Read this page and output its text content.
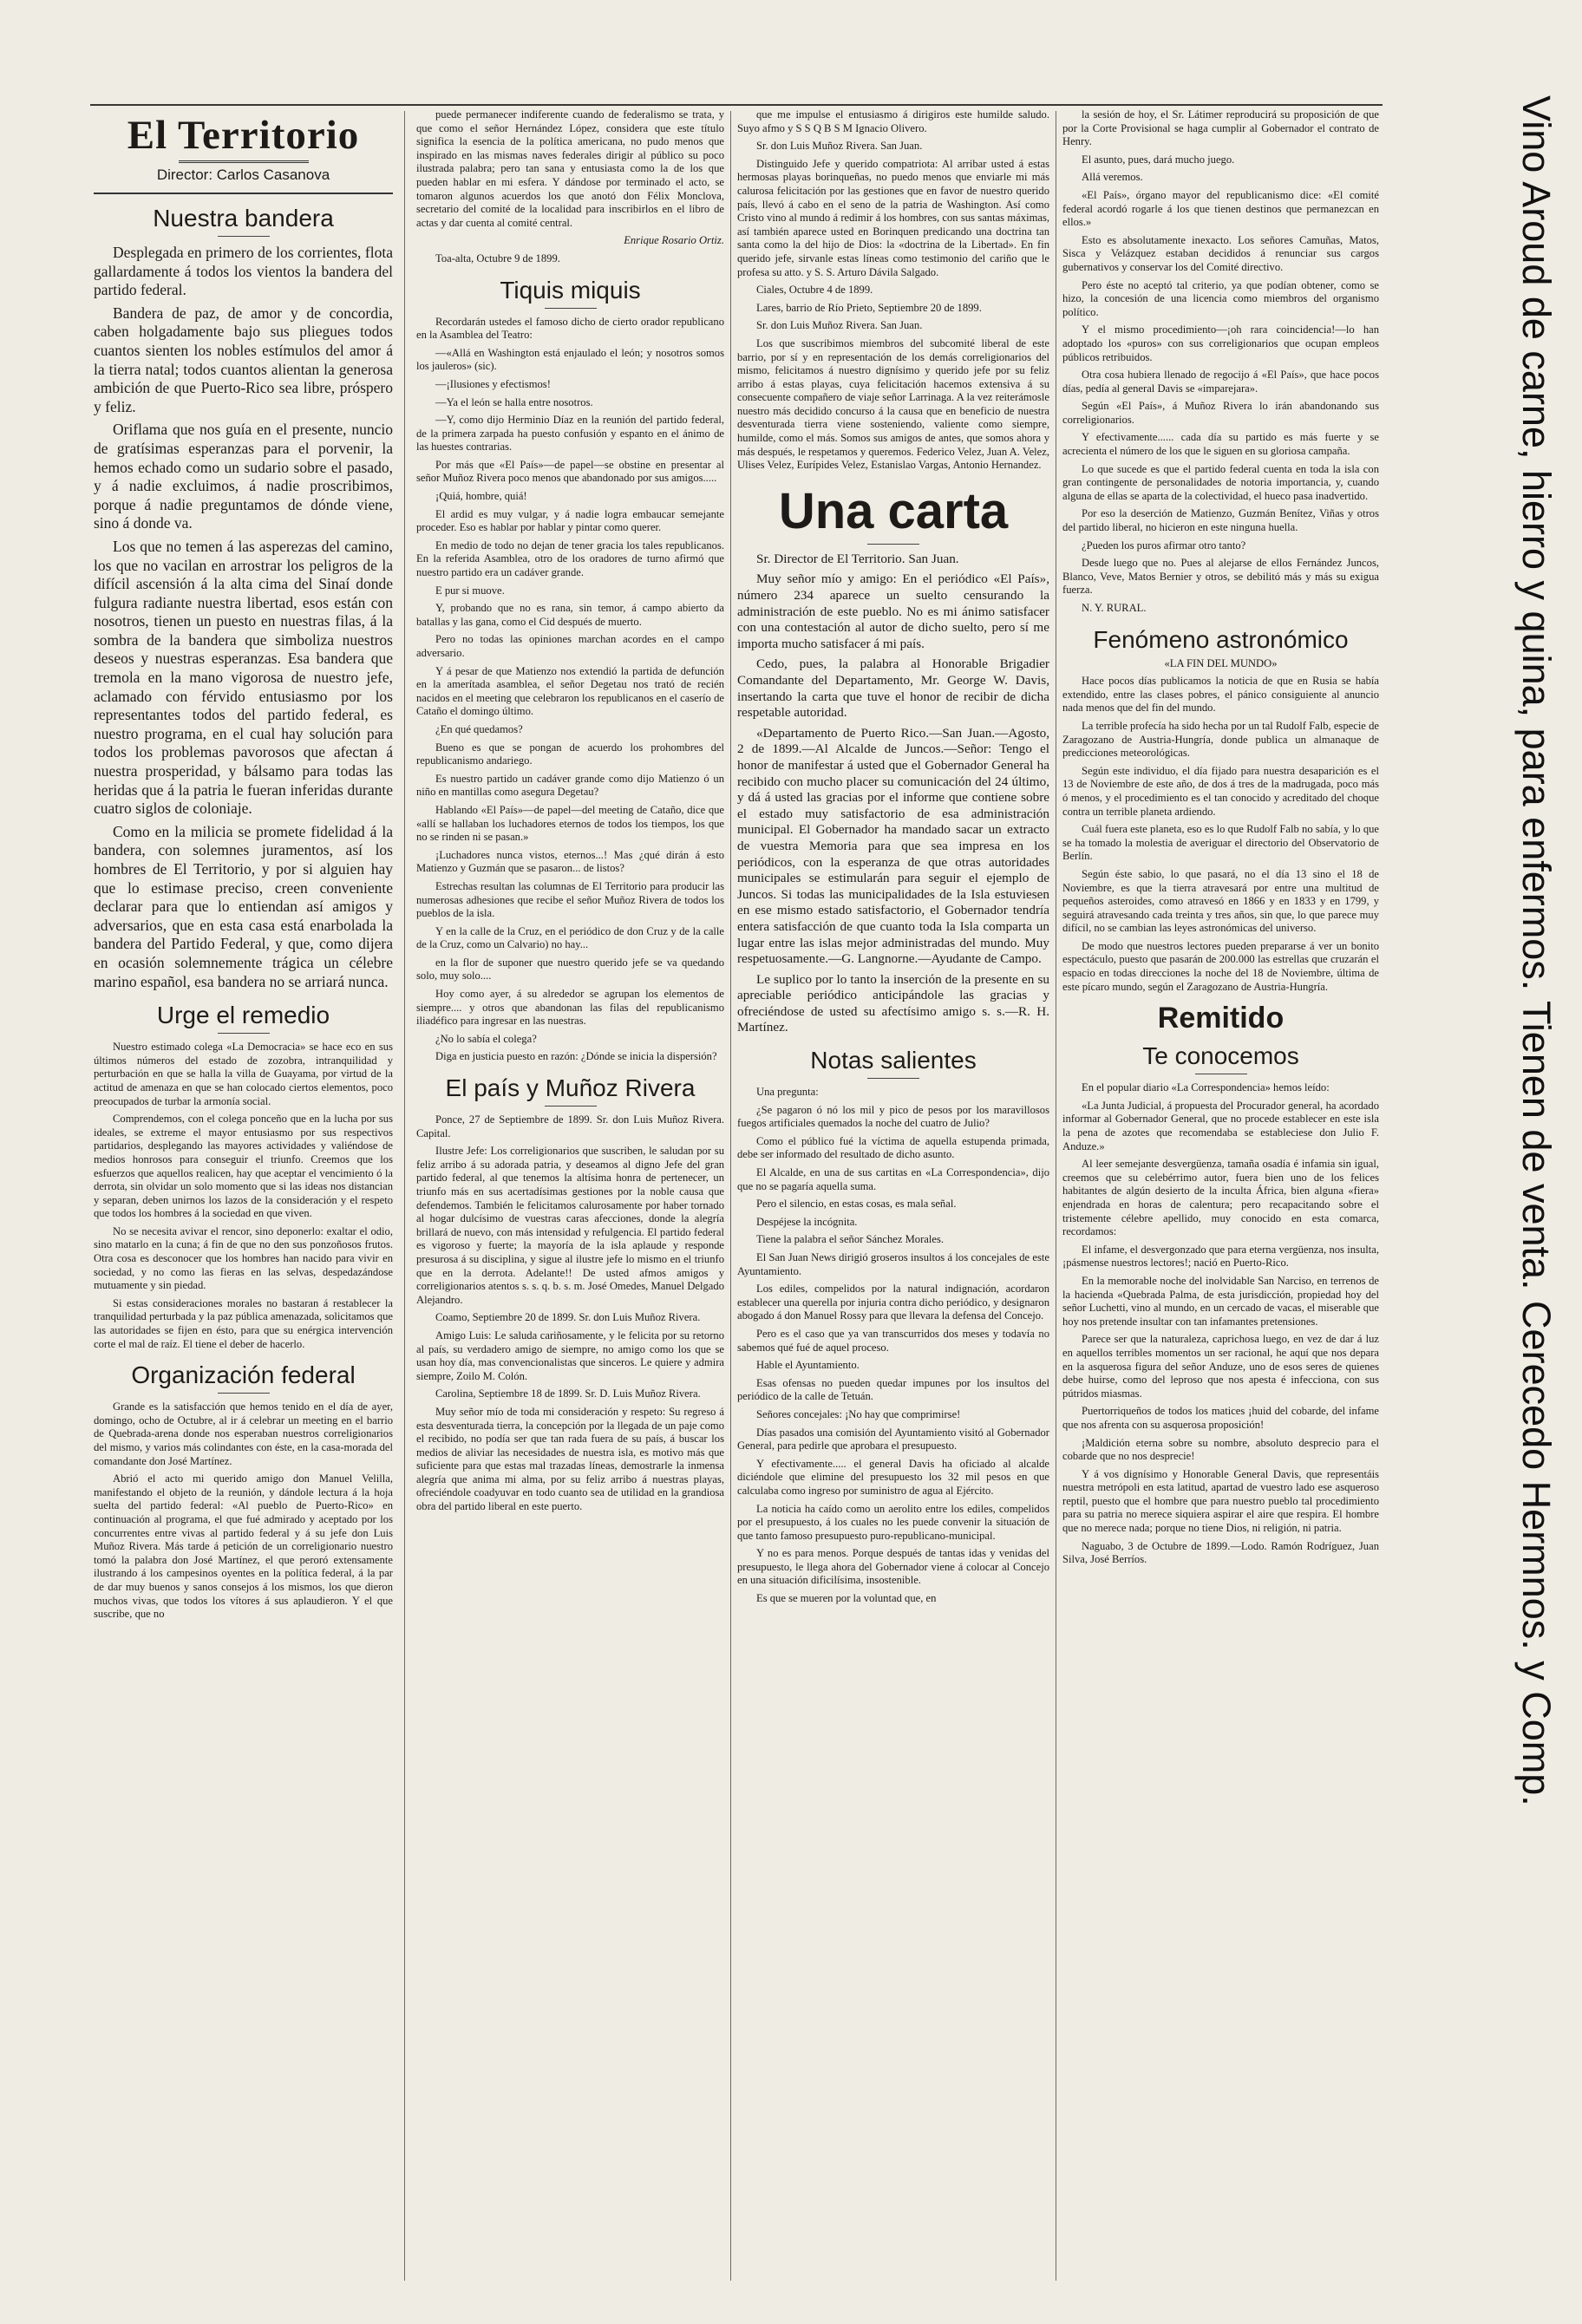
El Territorio
Director: Carlos Casanova
Nuestra bandera

Desplegada en primero de los corrientes, flota gallardamente á todos los vientos la bandera del partido federal.

Bandera de paz, de amor y de concordia, caben holgadamente bajo sus pliegues todos cuantos sienten los nobles estímulos del amor á la tierra natal; todos cuantos alientan la generosa ambición de que Puerto-Rico sea libre, próspero y feliz.

Oriflama que nos guía en el presente, nuncio de gratísimas esperanzas para el porvenir, la hemos echado como un sudario sobre el pasado, y á nadie excluimos, á nadie proscribimos, porque á nadie preguntamos de dónde viene, sino á donde va.

Los que no temen á las asperezas del camino, los que no vacilan en arrostrar los peligros de la difícil ascensión á la alta cima del Sinaí donde fulgura radiante nuestra libertad, esos están con nosotros, tienen un puesto en nuestras filas, á la sombra de la bandera que simboliza nuestros deseos y nuestras esperanzas. Esa bandera que tremola en la mano vigorosa de nuestro jefe, aclamado con férvido entusiasmo por los representantes todos del partido federal, es nuestro programa, en el cual hay solución para todos los problemas pavorosos que afectan á nuestra prosperidad, y bálsamo para todas las heridas que á la patria le fueran inferidas durante cuatro siglos de coloniaje.

Como en la milicia se promete fidelidad á la bandera, con solemnes juramentos, así los hombres de El Territorio, y por si alguien hay que lo estimase preciso, creen conveniente declarar para que lo entiendan así amigos y adversarios, que en esta casa está enarbolada la bandera del Partido Federal, y que, como dijera en ocasión solemnemente trágica un célebre marino español, esa bandera no se arriará nunca.

Urge el remedio

Nuestro estimado colega «La Democracia» se hace eco en sus últimos números del estado de zozobra, intranquilidad y perturbación en que se halla la villa de Guayama, por virtud de la actitud de amenaza en que se han colocado ciertos elementos, poco preocupados de turbar la armonía social.

Comprendemos, con el colega ponceño que en la lucha por sus ideales, se extreme el mayor entusiasmo por sus respectivos partidarios, desplegando las mayores actividades y valiéndose de medios honrosos para conseguir el triunfo. Creemos que los esfuerzos que aquellos realicen, hay que aceptar el vencimiento ó la derrota, sin olvidar un solo momento que si las ideas nos distancian y separan, deben unirnos los lazos de la consideración y el respeto que todos los hombres á la sociedad en que viven.

No se necesita avivar el rencor, sino deponerlo: exaltar el odio, sino matarlo en la cuna; á fin de que no den sus ponzoñosos frutos. Otra cosa es desconocer que los hombres han nacido para vivir en sociedad, y no como las fieras en las selvas, despedazándose mutuamente y sin piedad.

Si estas consideraciones morales no bastaran á restablecer la tranquilidad perturbada y la paz pública amenazada, solicitamos que las autoridades se fijen en ésto, para que su enérgica intervención corte el mal de raíz. El tiene el deber de hacerlo.

Organización federal

Grande es la satisfacción que hemos tenido en el día de ayer, domingo, ocho de Octubre, al ir á celebrar un meeting en el barrio de Quebrada-arena donde nos esperaban nuestros correligionarios del mismo, y varios más colindantes con éste, en la casa-morada del comandante don José Martínez.

Abrió el acto mi querido amigo don Manuel Velilla, manifestando el objeto de la reunión, y dándole lectura á la hoja suelta del partido federal: «Al pueblo de Puerto-Rico» en continuación al programa, el que fué admirado y aceptado por los concurrentes entre vivas al partido federal y á su jefe don Luis Muñoz Rivera. Más tarde á petición de un correligionario nuestro tomó la palabra don José Martínez, el que peroró extensamente ilustrando á los campesinos oyentes en la política federal, á la par de dar muy buenos y sanos consejos á los mismos, los que dieron muchos vivas, que todos los vítores á sus aplaudieron. Y el que suscribe, que no

puede permanecer indiferente cuando de federalismo se trata, y que como el señor Hernández López, considera que este título significa la esencia de la política americana, no pudo menos que inspirado en las mismas naves federales dirigir al público su poco ilustrada palabra; pero tan sana y entusiasta como la de los que pueden hablar en mi esfera. Y dándose por terminado el acto, se tomaron algunos acuerdos los que anotó don Félix Monclova, secretario del comité de la localidad para inscribirlos en el libro de actas y dar cuenta al comité central.

Enrique Rosario Ortiz.

Toa-alta, Octubre 9 de 1899.

Tiquis miquis

Recordarán ustedes el famoso dicho de cierto orador republicano en la Asamblea del Teatro:

—«Allá en Washington está enjaulado el león; y nosotros somos los jauleros» (sic).

—¡Ilusiones y efectismos!

—Ya el león se halla entre nosotros.

—Y, como dijo Herminio Díaz en la reunión del partido federal, de la primera zarpada ha puesto confusión y espanto en el ánimo de las huestes contrarias.

Por más que «El País»—de papel—se obstine en presentar al señor Muñoz Rivera poco menos que abandonado por sus amigos.....

¡Quiá, hombre, quiá!

El ardid es muy vulgar, y á nadie logra embaucar semejante proceder. Eso es hablar por hablar y pintar como querer.

En medio de todo no dejan de tener gracia los tales republicanos. En la referida Asamblea, otro de los oradores de turno afirmó que nuestro partido era un cadáver grande.

E pur si muove.

Y, probando que no es rana, sin temor, á campo abierto da batallas y las gana, como el Cid después de muerto.

Pero no todas las opiniones marchan acordes en el campo adversario.

Y á pesar de que Matienzo nos extendió la partida de defunción en la amerítada asamblea, el señor Degetau nos trató de recién nacidos en el meeting que celebraron los republicanos en el caserío de Cataño el domingo último.

¿En qué quedamos?

Bueno es que se pongan de acuerdo los prohombres del republicanismo andariego.

Es nuestro partido un cadáver grande como dijo Matienzo ó un niño en mantillas como asegura Degetau?

Hablando «El País»—de papel—del meeting de Cataño, dice que «allí se hallaban los luchadores eternos de todos los tiempos, los que no se rinden ni se pasan.»

¡Luchadores nunca vistos, eternos...! Mas ¿qué dirán á esto Matienzo y Guzmán que se pasaron... de listos?

Estrechas resultan las columnas de El Territorio para producir las numerosas adhesiones que recibe el señor Muñoz Rivera de todos los pueblos de la isla.

Y en la calle de la Cruz, en el periódico de don Cruz y de la calle de la Cruz, como un Calvario) no hay...

en la flor de suponer que nuestro querido jefe se va quedando solo, muy solo....

Hoy como ayer, á su alrededor se agrupan los elementos de siempre.... y otros que abandonan las filas del republicanismo iliadéfico para ingresar en las nuestras.

¿No lo sabía el colega?

Diga en justicia puesto en razón: ¿Dónde se inicia la dispersión?

El país y Muñoz Rivera

Ponce, 27 de Septiembre de 1899. Sr. don Luis Muñoz Rivera. Capital.

Ilustre Jefe: Los correligionarios que suscriben, le saludan por su feliz arribo á su adorada patria, y deseamos al digno Jefe del gran partido federal, al que tenemos la altísima honra de pertenecer, un triunfo más en sus acertadísimas gestiones por la noble causa que defendemos. También le felicitamos calurosamente por haber tornado al hogar dulcísimo de vuestras caras afecciones, donde la alegría brillará de nuevo, con más intensidad y refulgencia. El partido federal es vigoroso y fuerte; la mayoría de la isla aplaude y responde presurosa á su disciplina, y sigue al ilustre jefe lo mismo en el triunfo que en la derrota. Adelante!! De usted afmos amigos y correligionarios atentos s. s. q. b. s. m. José Omedes, Manuel Delgado Alejandro.

Coamo, Septiembre 20 de 1899. Sr. don Luis Muñoz Rivera.

Amigo Luis: Le saluda cariñosamente, y le felicita por su retorno al país, su verdadero amigo de siempre, no amigo como los que se usan hoy día, mas convencionalistas que sinceros. Le quiere y admira siempre, Zoilo M. Colón.

Carolina, Septiembre 18 de 1899. Sr. D. Luis Muñoz Rivera.

Muy señor mío de toda mi consideración y respeto: Su regreso á esta desventurada tierra, la concepción por la llegada de un paje como el recibido, no podía ser que tan rada fuera de su país, á buscar los medios de aliviar las necesidades de nuestra isla, es motivo más que suficiente para que estas mal trazadas líneas, demostrarle la inmensa alegría que anima mi alma, por su feliz arribo á nuestras playas, ofreciéndole coadyuvar en todo cuanto sea de utilidad en la grandiosa obra del partido liberal en este puerto.

que me impulse el entusiasmo á dirigiros este humilde saludo. Suyo afmo y S S Q B S M Ignacio Olivero.

Sr. don Luis Muñoz Rivera. San Juan.

Distinguido Jefe y querido compatriota: Al arribar usted á estas hermosas playas borinqueñas, no puedo menos que enviarle mi más calurosa felicitación por las gestiones que en favor de nuestro querido país, llevó á cabo en el seno de la patria de Washington. Así como Cristo vino al mundo á redimir á los hombres, con sus santas máximas, así también aparece usted en Borinquen predicando una doctrina tan santa como la del hijo de Dios: la «doctrina de la Libertad». En fin querido jefe, sirvanle estas líneas como testimonio del cariño que le profesa su atto. y S. S. Arturo Dávila Salgado.

Ciales, Octubre 4 de 1899.

Lares, barrio de Río Prieto, Septiembre 20 de 1899.

Sr. don Luis Muñoz Rivera. San Juan.

Los que suscribimos miembros del subcomité liberal de este barrio, por sí y en representación de los demás correligionarios del mismo, felicitamos á nuestro dignísimo y querido jefe por su feliz arribo á estas playas, cuya felicitación hacemos extensiva á su consecuente compañero de viaje señor Larrinaga. A la vez reiterámosle nuestro más decidido concurso á la causa que en beneficio de nuestra desventurada tierra viene sosteniendo, valiente como siempre, humilde, como el más. Somos sus amigos de antes, que somos ahora y más después, le respetamos y queremos. Federico Velez, Juan A. Velez, Ulises Velez, Eurípides Velez, Estanislao Vargas, Antonio Hernandez.

Una carta

Sr. Director de El Territorio. San Juan.

Muy señor mío y amigo: En el periódico «El País», número 234 aparece un suelto censurando la administración de este pueblo. No es mi ánimo satisfacer con una contestación al autor de dicho suelto, pero sí me importa mucho satisfacer á mi país.

Cedo, pues, la palabra al Honorable Brigadier Comandante del Departamento, Mr. George W. Davis, insertando la carta que tuve el honor de recibir de dicha respetable autoridad.

«Departamento de Puerto Rico.—San Juan.—Agosto, 2 de 1899.—Al Alcalde de Juncos.—Señor: Tengo el honor de manifestar á usted que el Gobernador General ha recibido con mucho placer su comunicación del 24 último, y dá á usted las gracias por el informe que contiene sobre el estado muy satisfactorio de esa administración municipal. El Gobernador ha mandado sacar un extracto de vuestra Memoria para que sea impresa en los periódicos, con la esperanza de que otras autoridades municipales se estimularán para seguir el ejemplo de Juncos. Si todas las municipalidades de la Isla estuviesen en ese mismo estado satisfactorio, el Gobernador tendría entera satisfacción de que cuanto toda la Isla comparta un lugar entre las islas mejor administradas del mundo. Muy respetuosamente.—G. Langnorne.—Ayudante de Campo.

Le suplico por lo tanto la inserción de la presente en su apreciable periódico anticipándole las gracias y ofreciéndose de usted su afectísimo amigo s. s.—R. H. Martínez.

Notas salientes

Una pregunta:

¿Se pagaron ó nó los mil y pico de pesos por los maravillosos fuegos artificiales quemados la noche del cuatro de Julio?

Como el público fué la víctima de aquella estupenda primada, debe ser informado del resultado de dicho asunto.

El Alcalde, en una de sus cartitas en «La Correspondencia», dijo que no se pagaría aquella suma.

Pero el silencio, en estas cosas, es mala señal.

Despéjese la incógnita.

Tiene la palabra el señor Sánchez Morales.

El San Juan News dirigió groseros insultos á los concejales de este Ayuntamiento.

Los ediles, compelidos por la natural indignación, acordaron establecer una querella por injuria contra dicho periódico, y designaron abogado á don Manuel Rossy para que llevara la defensa del Concejo.

Pero es el caso que ya van transcurridos dos meses y todavía no sabemos qué fué de aquel proceso.

Hable el Ayuntamiento.

Esas ofensas no pueden quedar impunes por los insultos del periódico de la calle de Tetuán.

Señores concejales: ¡No hay que comprimirse!

Días pasados una comisión del Ayuntamiento visitó al Gobernador General, para pedirle que aprobara el presupuesto.

Y efectivamente..... el general Davis ha oficiado al alcalde diciéndole que elimine del presupuesto los 32 mil pesos en que calculaba como ingreso por suministro de agua al Ejército.

La noticia ha caído como un aerolito entre los ediles, compelidos por el presupuesto, á los cuales no les puede convenir la situación de que tanto famoso presupuesto puro-republicano-municipal.

Y no es para menos. Porque después de tantas idas y venidas del presupuesto, le llega ahora del Gobernador viene á colocar al Concejo en una situación dificilísima, insostenible.

Es que se mueren por la voluntad que, en

la sesión de hoy, el Sr. Látimer reproducirá su proposición de que por la Corte Provisional se haga cumplir al Gobernador el contrato de Henry.

El asunto, pues, dará mucho juego.

Allá veremos.

«El País», órgano mayor del republicanismo dice: «El comité federal acordó rogarle á los que tienen destinos que permanezcan en ellos.»

Esto es absolutamente inexacto. Los señores Camuñas, Matos, Sisca y Velázquez estaban decididos á renunciar sus cargos gubernativos y conservar los del Comité directivo.

Pero éste no aceptó tal criterio, ya que podían obtener, como se hizo, la concesión de una licencia como miembros del organismo político.

Y el mismo procedimiento—¡oh rara coincidencia!—lo han adoptado los «puros» con sus correligionarios que ocupan empleos públicos retribuidos.

Otra cosa hubiera llenado de regocijo á «El País», que hace pocos días, pedía al general Davis se «imparejara».

Según «El País», á Muñoz Rivera lo irán abandonando sus correligionarios.

Y efectivamente...... cada día su partido es más fuerte y se acrecienta el número de los que le siguen en su gloriosa campaña.

Lo que sucede es que el partido federal cuenta en toda la isla con gran contingente de personalidades de notoria importancia, y, cuando alguna de ellas se aparta de la colectividad, el hueco pasa inadvertido.

Por eso la deserción de Matienzo, Guzmán Benítez, Viñas y otros del partido liberal, no hicieron en este ninguna huella.

¿Pueden los puros afirmar otro tanto?

Desde luego que no. Pues al alejarse de ellos Fernández Juncos, Blanco, Veve, Matos Bernier y otros, se debilitó más y más su exigua fuerza.

N. Y. RURAL.

Fenómeno astronómico

«LA FIN DEL MUNDO»

Hace pocos días publicamos la noticia de que en Rusia se había extendido, entre las clases pobres, el pánico consiguiente al anuncio nada menos que del fin del mundo.

La terrible profecía ha sido hecha por un tal Rudolf Falb, especie de Zaragozano de Austria-Hungría, donde publica un almanaque de predicciones meteorológicas.

Según este individuo, el día fijado para nuestra desaparición es el 13 de Noviembre de este año, de dos á tres de la madrugada, poco más ó menos, y el procedimiento es el tan conocido y acreditado del choque contra un terrible planeta ardiendo.

Cuál fuera este planeta, eso es lo que Rudolf Falb no sabía, y lo que se ha tomado la molestia de averiguar el directorio del Observatorio de Berlín.

Según éste sabio, lo que pasará, no el día 13 sino el 18 de Noviembre, es que la tierra atravesará por entre una multitud de pequeños asteroides, como atravesó en 1866 y en 1833 y en 1799, y seguirá atravesando cada treinta y tres años, sin que, lo que parece muy difícil, no se cambian las leyes astronómicas del universo.

De modo que nuestros lectores pueden prepararse á ver un bonito espectáculo, puesto que pasarán de 200.000 las estrellas que cruzarán el espacio en todas direcciones la noche del 18 de Noviembre, última de este pícaro mundo, según el Zaragozano de Austria-Hungría.

Remitido
Te conocemos

En el popular diario «La Correspondencia» hemos leído:

«La Junta Judicial, á propuesta del Procurador general, ha acordado informar al Gobernador General, que no procede establecer en este isla la pena de azotes que recomendaba se estableciese don Julio F. Anduze.»

Al leer semejante desvergüenza, tamaña osadía é infamia sin igual, creemos que su celebérrimo autor, fuera bien uno de los felices habitantes de algún desierto de la inculta África, bien alguna «fiera» enjendrada en horas de calentura; pero recapacitando sobre el tristemente célebre apellido, muy conocido en esta comarca, recordamos:

El infame, el desvergonzado que para eterna vergüenza, nos insulta, ¡pásmense nuestros lectores!; nació en Puerto-Rico.

En la memorable noche del inolvidable San Narciso, en terrenos de la hacienda «Quebrada Palma, de esta jurisdicción, propiedad hoy del señor Luchetti, vino al mundo, en un cercado de vacas, el miserable que hoy nos pretende insultar con tan infamantes pretensiones.

Parece ser que la naturaleza, caprichosa luego, en vez de dar á luz en aquellos terribles momentos un ser racional, he aquí que nos depara en la asquerosa figura del señor Anduze, uno de esos seres de quienes debe huirse, como del leproso que nos apesta é infecciona, con sus pútridos miasmas.

Puertorriqueños de todos los matices ¡huid del cobarde, del infame que nos afrenta con su asquerosa proposición!

¡Maldición eterna sobre su nombre, absoluto desprecio para el cobarde que no nos desprecie!

Y á vos dignísimo y Honorable General Davis, que representáis nuestra metrópoli en esta latitud, apartad de vuestro lado ese asqueroso reptil, puesto que el hombre que para nuestro pueblo tal procedimiento para su patria no merece siquiera aspirar el aire que respira. El hombre que no merece nada; porque no tiene Dios, ni religión, ni patria.

Naguabo, 3 de Octubre de 1899.—Lodo. Ramón Rodríguez, Juan Silva, José Berríos.	Vino Aroud de carne, hierro y quina, para enfermos. Tienen de venta. Cerecedo Hermnos. y Comp.
